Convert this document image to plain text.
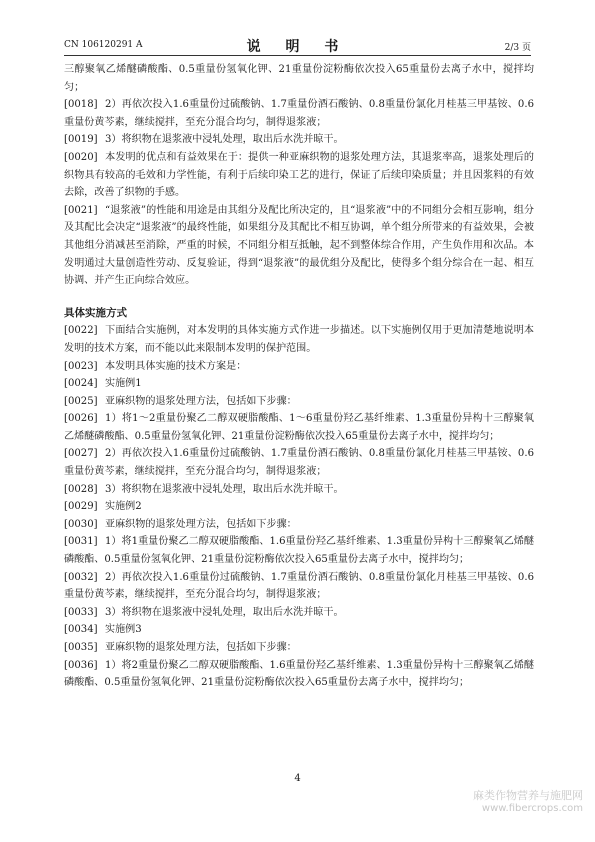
CN 106120291 A	说 明 书	2/3 页

三醇聚氧乙烯醚磷酸酯、0.5重量份氢氧化钾、21重量份淀粉酶依次投入65重量份去离子水中，搅拌均匀；

[0018] 2）再依次投入1.6重量份过硫酸钠、1.7重量份酒石酸钠、0.8重量份氯化月桂基三甲基铵、0.6重量份黄芩素，继续搅拌，至充分混合均匀，制得退浆液；

[0019] 3）将织物在退浆液中浸轧处理，取出后水洗并晾干。

[0020] 本发明的优点和有益效果在于：提供一种亚麻织物的退浆处理方法，其退浆率高，退浆处理后的织物具有较高的毛效和力学性能，有利于后续印染工艺的进行，保证了后续印染质量；并且因浆料的有效去除，改善了织物的手感。

[0021] “退浆液”的性能和用途是由其组分及配比所决定的，且“退浆液”中的不同组分会相互影响，组分及其配比会决定“退浆液”的最终性能，如果组分及其配比不相互协调，单个组分所带来的有益效果，会被其他组分消减甚至消除，严重的时候，不同组分相互抵触，起不到整体综合作用，产生负作用和次品。本发明通过大量创造性劳动、反复验证，得到“退浆液”的最优组分及配比，使得多个组分综合在一起、相互协调、并产生正向综合效应。

具体实施方式

[0022] 下面结合实施例，对本发明的具体实施方式作进一步描述。以下实施例仅用于更加清楚地说明本发明的技术方案，而不能以此来限制本发明的保护范围。

[0023] 本发明具体实施的技术方案是：

[0024] 实施例1

[0025] 亚麻织物的退浆处理方法，包括如下步骤：

[0026] 1）将1～2重量份聚乙二醇双硬脂酸酯、1～6重量份羟乙基纤维素、1.3重量份异构十三醇聚氧乙烯醚磷酸酯、0.5重量份氢氧化钾、21重量份淀粉酶依次投入65重量份去离子水中，搅拌均匀；

[0027] 2）再依次投入1.6重量份过硫酸钠、1.7重量份酒石酸钠、0.8重量份氯化月桂基三甲基铵、0.6重量份黄芩素，继续搅拌，至充分混合均匀，制得退浆液；

[0028] 3）将织物在退浆液中浸轧处理，取出后水洗并晾干。

[0029] 实施例2

[0030] 亚麻织物的退浆处理方法，包括如下步骤：

[0031] 1）将1重量份聚乙二醇双硬脂酸酯、1.6重量份羟乙基纤维素、1.3重量份异构十三醇聚氧乙烯醚磷酸酯、0.5重量份氢氧化钾、21重量份淀粉酶依次投入65重量份去离子水中，搅拌均匀；

[0032] 2）再依次投入1.6重量份过硫酸钠、1.7重量份酒石酸钠、0.8重量份氯化月桂基三甲基铵、0.6重量份黄芩素，继续搅拌，至充分混合均匀，制得退浆液；

[0033] 3）将织物在退浆液中浸轧处理，取出后水洗并晾干。

[0034] 实施例3

[0035] 亚麻织物的退浆处理方法，包括如下步骤：

[0036] 1）将2重量份聚乙二醇双硬脂酸酯、1.6重量份羟乙基纤维素、1.3重量份异构十三醇聚氧乙烯醚磷酸酯、0.5重量份氢氧化钾、21重量份淀粉酶依次投入65重量份去离子水中，搅拌均匀；

4
麻类作物营养与施肥网
www.fibercrops.com
